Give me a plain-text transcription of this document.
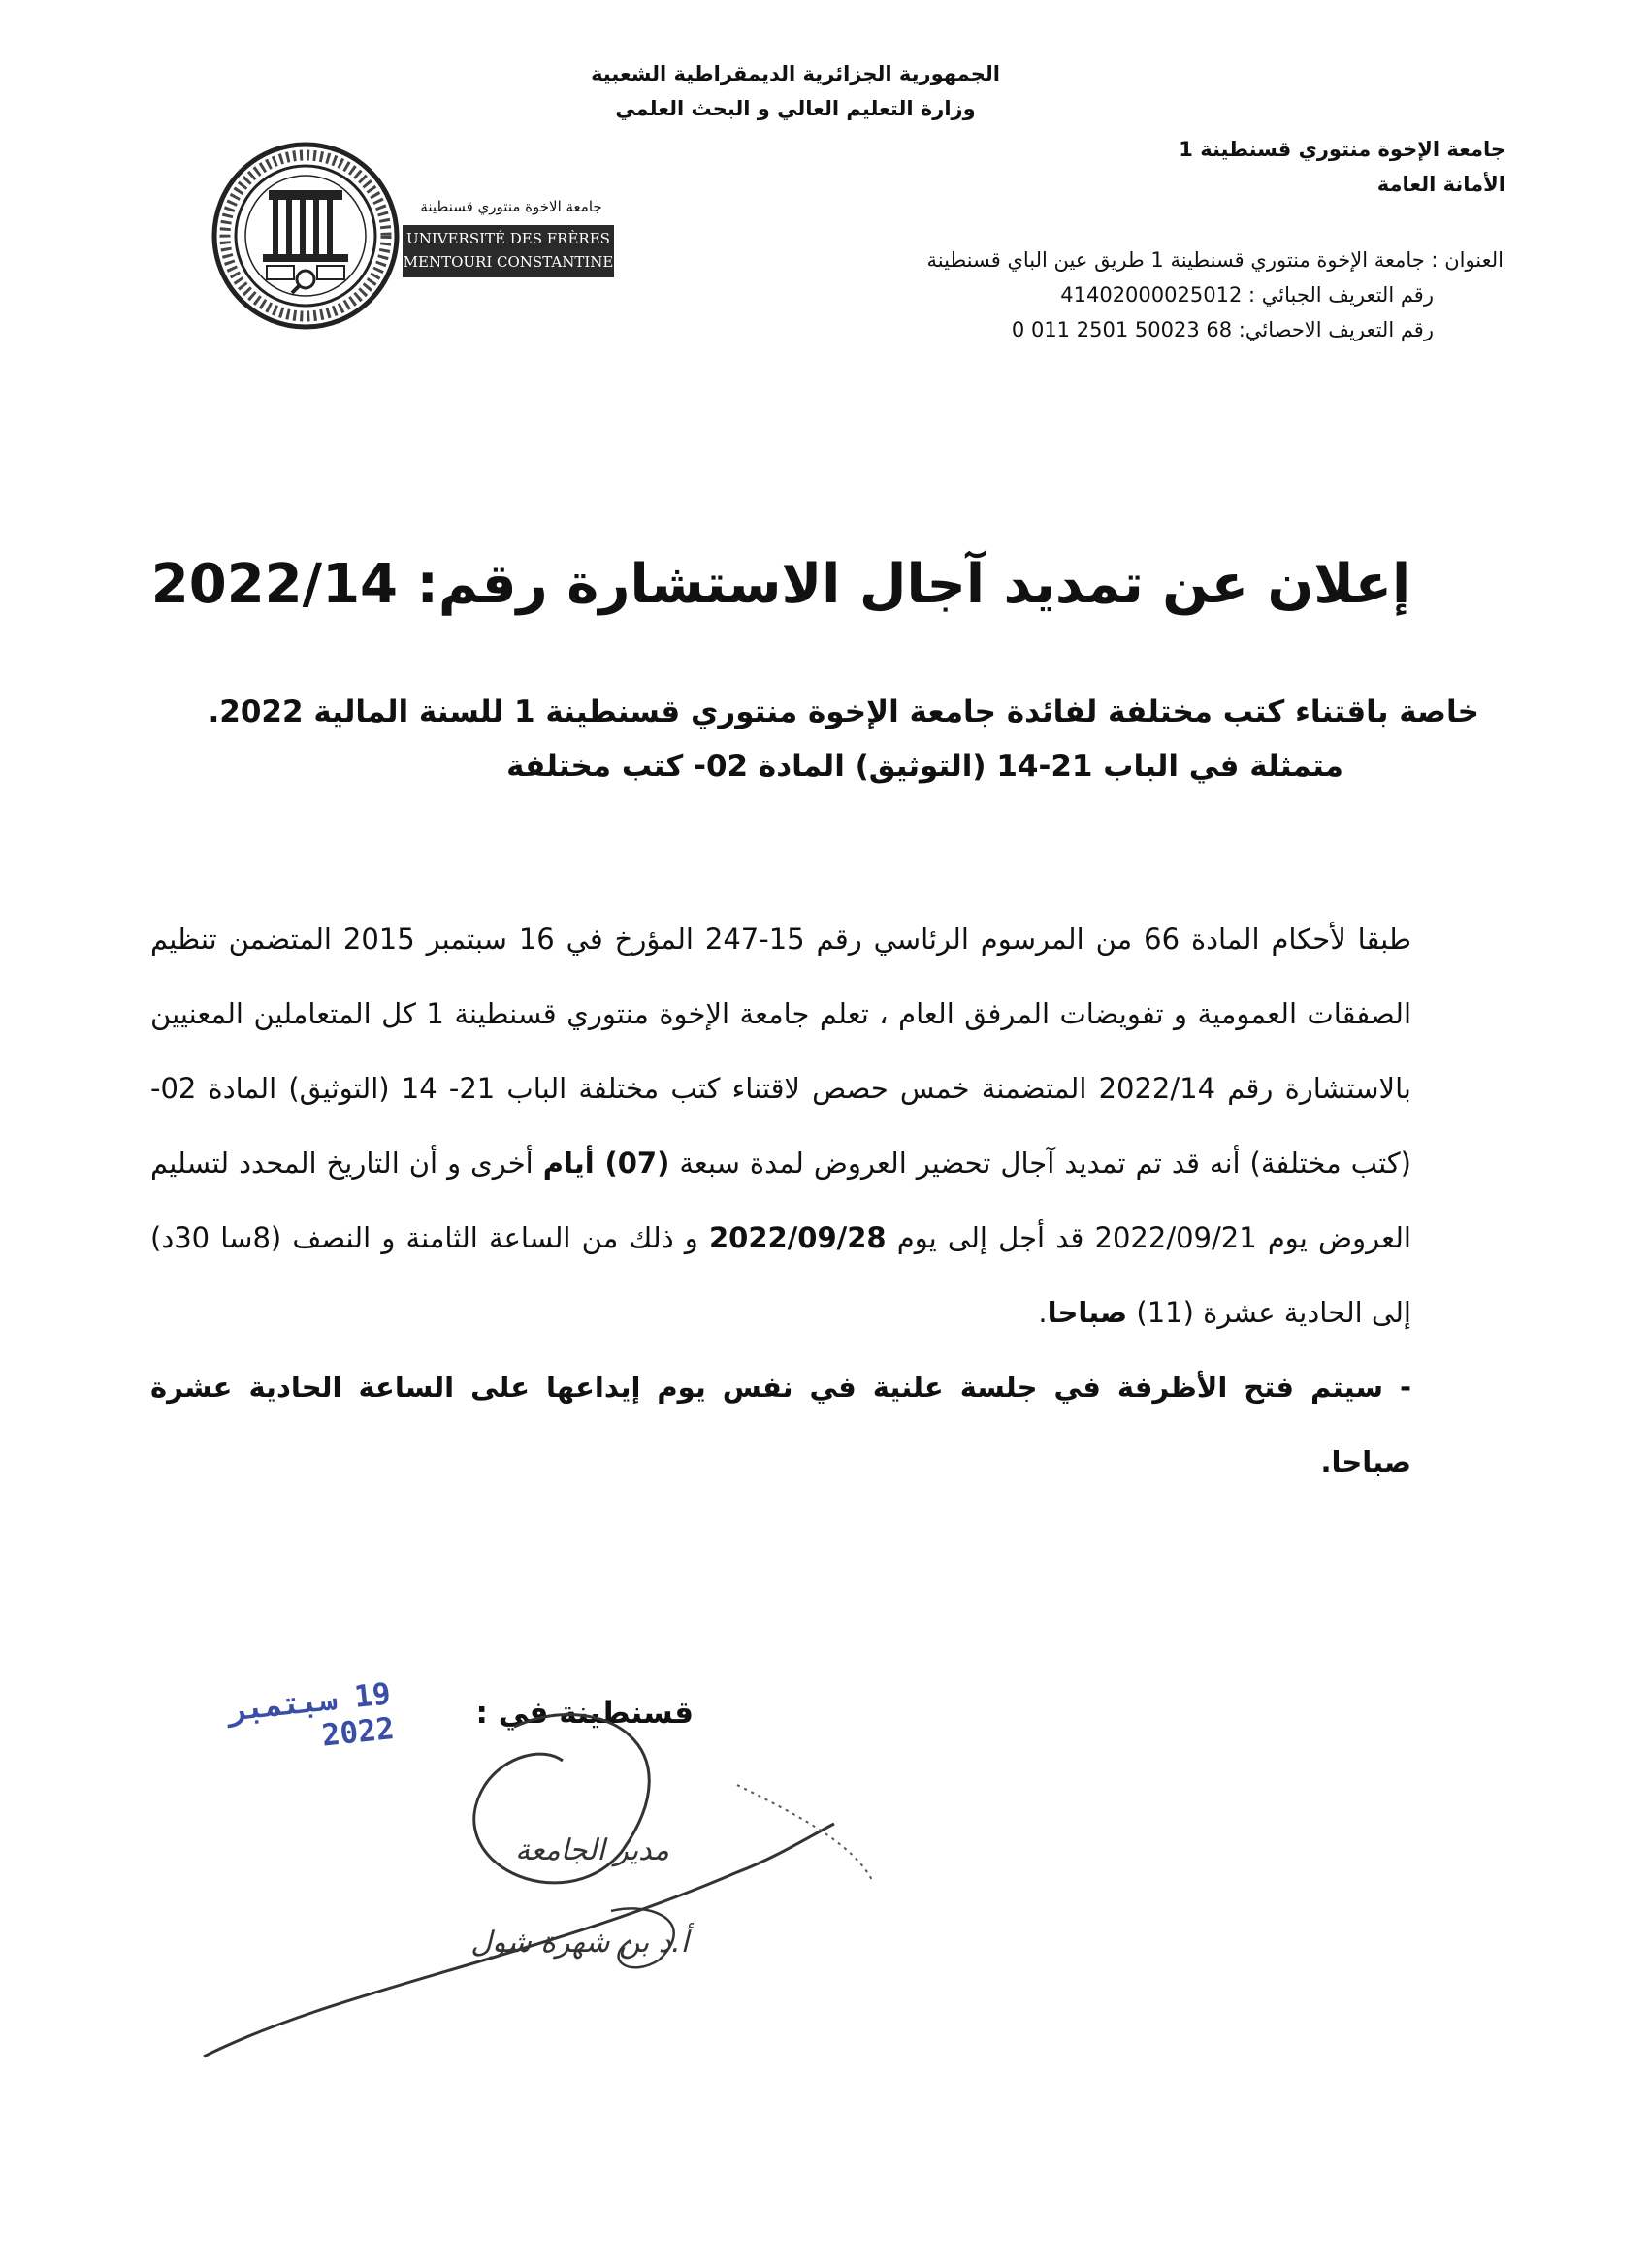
الجمهورية الجزائرية الديمقراطية الشعبية
وزارة التعليم العالي و البحث العلمي
جامعة الإخوة منتوري قسنطينة 1
الأمانة العامة
جامعة الاخوة منتوري قسنطينة
UNIVERSITÉ DES FRÈRES
MENTOURI CONSTANTINE	العنوان : جامعة الإخوة منتوري قسنطينة 1 طريق عين الباي قسنطينة
رقم التعريف الجبائي : 41402000025012
رقم التعريف الاحصائي: 68 50023 2501 011 0
إعلان عن تمديد آجال الاستشارة رقم: 2022/14
خاصة باقتناء كتب مختلفة لفائدة جامعة الإخوة منتوري قسنطينة 1 للسنة المالية 2022.
متمثلة في الباب 21-14 (التوثيق) المادة 02- كتب مختلفة

طبقا لأحكام المادة 66 من المرسوم الرئاسي رقم 15-247 المؤرخ في 16 سبتمبر 2015 المتضمن تنظيم الصفقات العمومية و تفويضات المرفق العام ، تعلم جامعة الإخوة منتوري قسنطينة 1 كل المتعاملين المعنيين بالاستشارة رقم 2022/14 المتضمنة خمس حصص لاقتناء كتب مختلفة الباب 21- 14 (التوثيق) المادة 02- (كتب مختلفة) أنه قد تم تمديد آجال تحضير العروض لمدة سبعة (07) أيام أخرى و أن التاريخ المحدد لتسليم العروض يوم 2022/09/21 قد أجل إلى يوم 2022/09/28 و ذلك من الساعة الثامنة و النصف (8سا 30د) إلى الحادية عشرة (11) صباحا.

- سيتم فتح الأظرفة في جلسة علنية في نفس يوم إيداعها على الساعة الحادية عشرة صباحا.

قسنطينة في :
19 سبتمبر 2022
مدير الجامعة
أ.د بن شهرة شول
